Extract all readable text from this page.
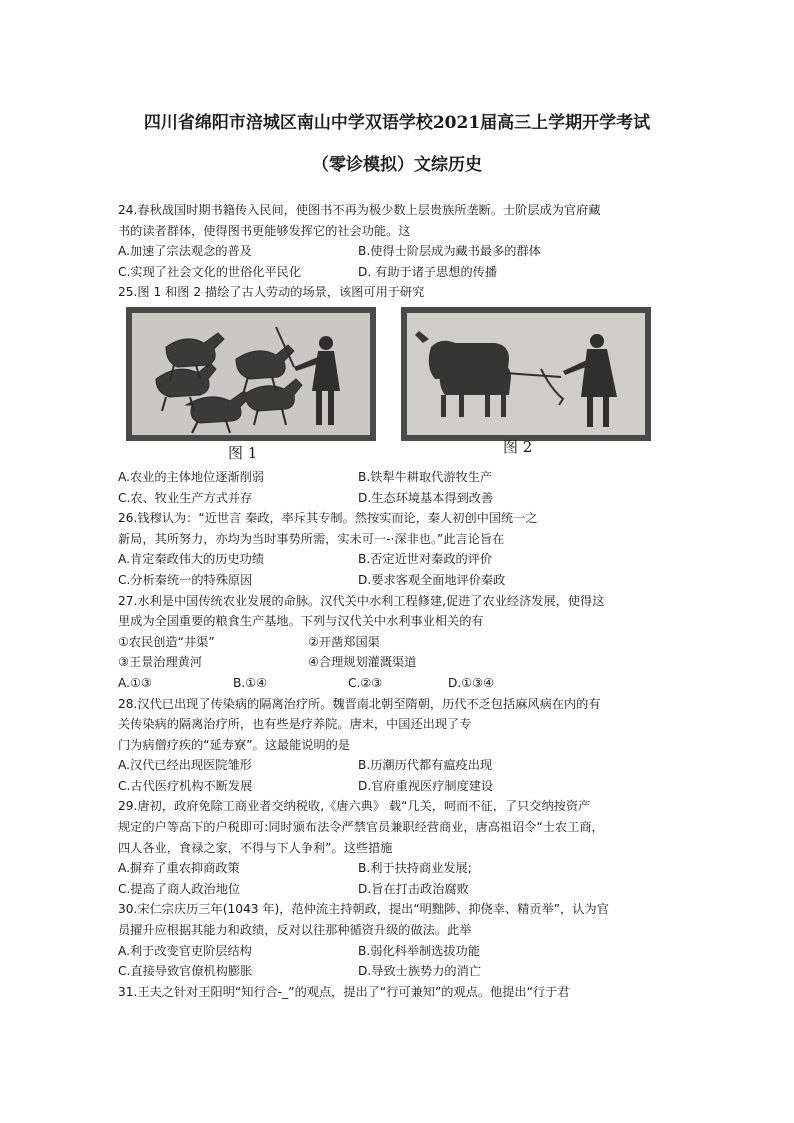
四川省绵阳市涪城区南山中学双语学校2021届高三上学期开学考试
（零诊模拟）文综历史
24.春秋战国时期书籍传入民间，使图书不再为极少数上层贵族所垄断。士阶层成为官府藏
书的读者群体，使得图书更能够发挥它的社会功能。这
A.加速了宗法观念的普及	B.使得士阶层成为藏书最多的群体
C.实现了社会文化的世俗化平民化	D. 有助于诸子思想的传播
25.图 1 和图 2 描绘了古人劳动的场景，该图可用于研究
图 1	图 2
A.农业的主体地位逐渐削弱	B.铁犁牛耕取代游牧生产
C.农、牧业生产方式并存	D.生态环境基本得到改善
26.钱穆认为：“近世言 秦政，率斥其专制。然按实而论，秦人初创中国统一之
新局，其所努力，亦均为当时事势所需，实未可一-·深非也。”此言论旨在
A.肯定秦政伟大的历史功绩	B.否定近世对秦政的评价
C.分析秦统一的特殊原因	D.要求客观全面地评价秦政
27.水利是中国传统农业发展的命脉。汉代关中水利工程修建,促进了农业经济发展，使得这
里成为全国重要的粮食生产基地。下列与汉代关中水利事业相关的有
①农民创造“井渠”	②开凿郑国渠
③王景治理黄河	④合理规划灌溉渠道
A.①③	B.①④	C.②③	D.①③④
28.汉代已出现了传染病的隔离治疗所。魏晋南北朝至隋朝，历代不乏包括麻风病在内的有
关传染病的隔离治疗所，也有些是疗养院。唐末，中国还出现了专
门为病僧疗疾的“延寿寮”。这最能说明的是
A.汉代已经出现医院雏形	B.历潮历代都有瘟疫出现
C.古代医疗机构不断发展	D.官府重视医疗制度建设
29.唐初，政府免除工商业者交纳税收,《唐六典》 载“几关，呵而不征，了只交纳按资产
规定的户等高下的户税即可:同时颁布法令严禁官员兼职经营商业，唐高祖诏令“士农工商，
四人各业，食禄之家，不得与下人争利”。这些措施
A.摒弃了重农抑商政策	B.利于扶持商业发展;
C.提高了商人政治地位	D.旨在打击政治腐败
30.宋仁宗庆历三年(1043 年)，范仲流主持朝政，提出“明黜陟、抑侥幸、精贡举”，认为官
员擢升应根据其能力和政绩，反对以往那种循资升级的做法。此举
A.利于改变官吏阶层结构	B.弱化科举制选拔功能
C.直接导致官僚机构膨胀	D.导致士族势力的消亡
31.王夫之针对王阳明“知行合-_”的观点，提出了“行可兼知”的观点。他提出“行于君
